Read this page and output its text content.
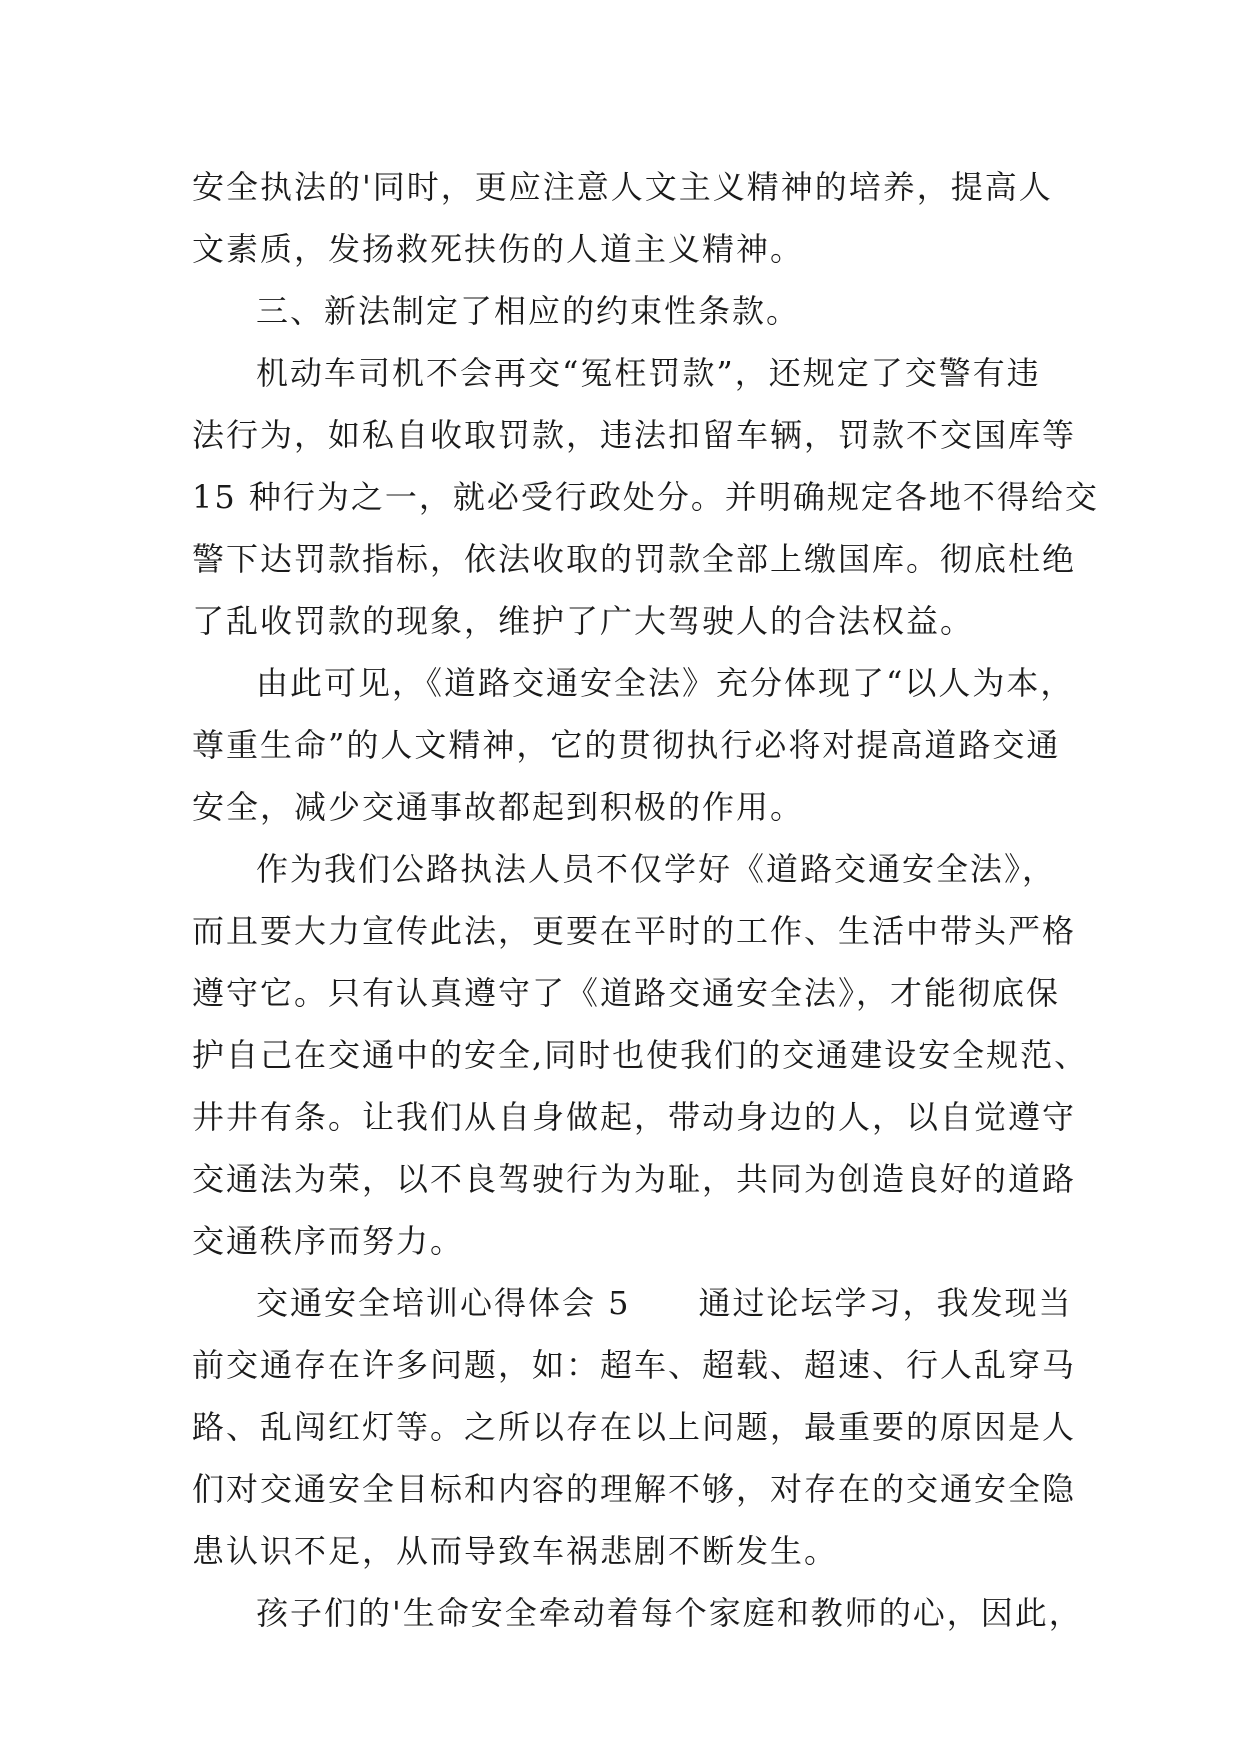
安全执法的'同时，更应注意人文主义精神的培养，提高人
文素质，发扬救死扶伤的人道主义精神。
三、新法制定了相应的约束性条款。
机动车司机不会再交“冤枉罚款”，还规定了交警有违
法行为，如私自收取罚款，违法扣留车辆，罚款不交国库等
15 种行为之一，就必受行政处分。并明确规定各地不得给交
警下达罚款指标，依法收取的罚款全部上缴国库。彻底杜绝
了乱收罚款的现象，维护了广大驾驶人的合法权益。
由此可见，《道路交通安全法》充分体现了“以人为本，
尊重生命”的人文精神，它的贯彻执行必将对提高道路交通
安全，减少交通事故都起到积极的作用。
作为我们公路执法人员不仅学好《道路交通安全法》，
而且要大力宣传此法，更要在平时的工作、生活中带头严格
遵守它。只有认真遵守了《道路交通安全法》，才能彻底保
护自己在交通中的安全,同时也使我们的交通建设安全规范、
井井有条。让我们从自身做起，带动身边的人，以自觉遵守
交通法为荣，以不良驾驶行为为耻，共同为创造良好的道路
交通秩序而努力。
交通安全培训心得体会 5　　通过论坛学习，我发现当
前交通存在许多问题，如：超车、超载、超速、行人乱穿马
路、乱闯红灯等。之所以存在以上问题，最重要的原因是人
们对交通安全目标和内容的理解不够，对存在的交通安全隐
患认识不足，从而导致车祸悲剧不断发生。
孩子们的'生命安全牵动着每个家庭和教师的心，因此，
